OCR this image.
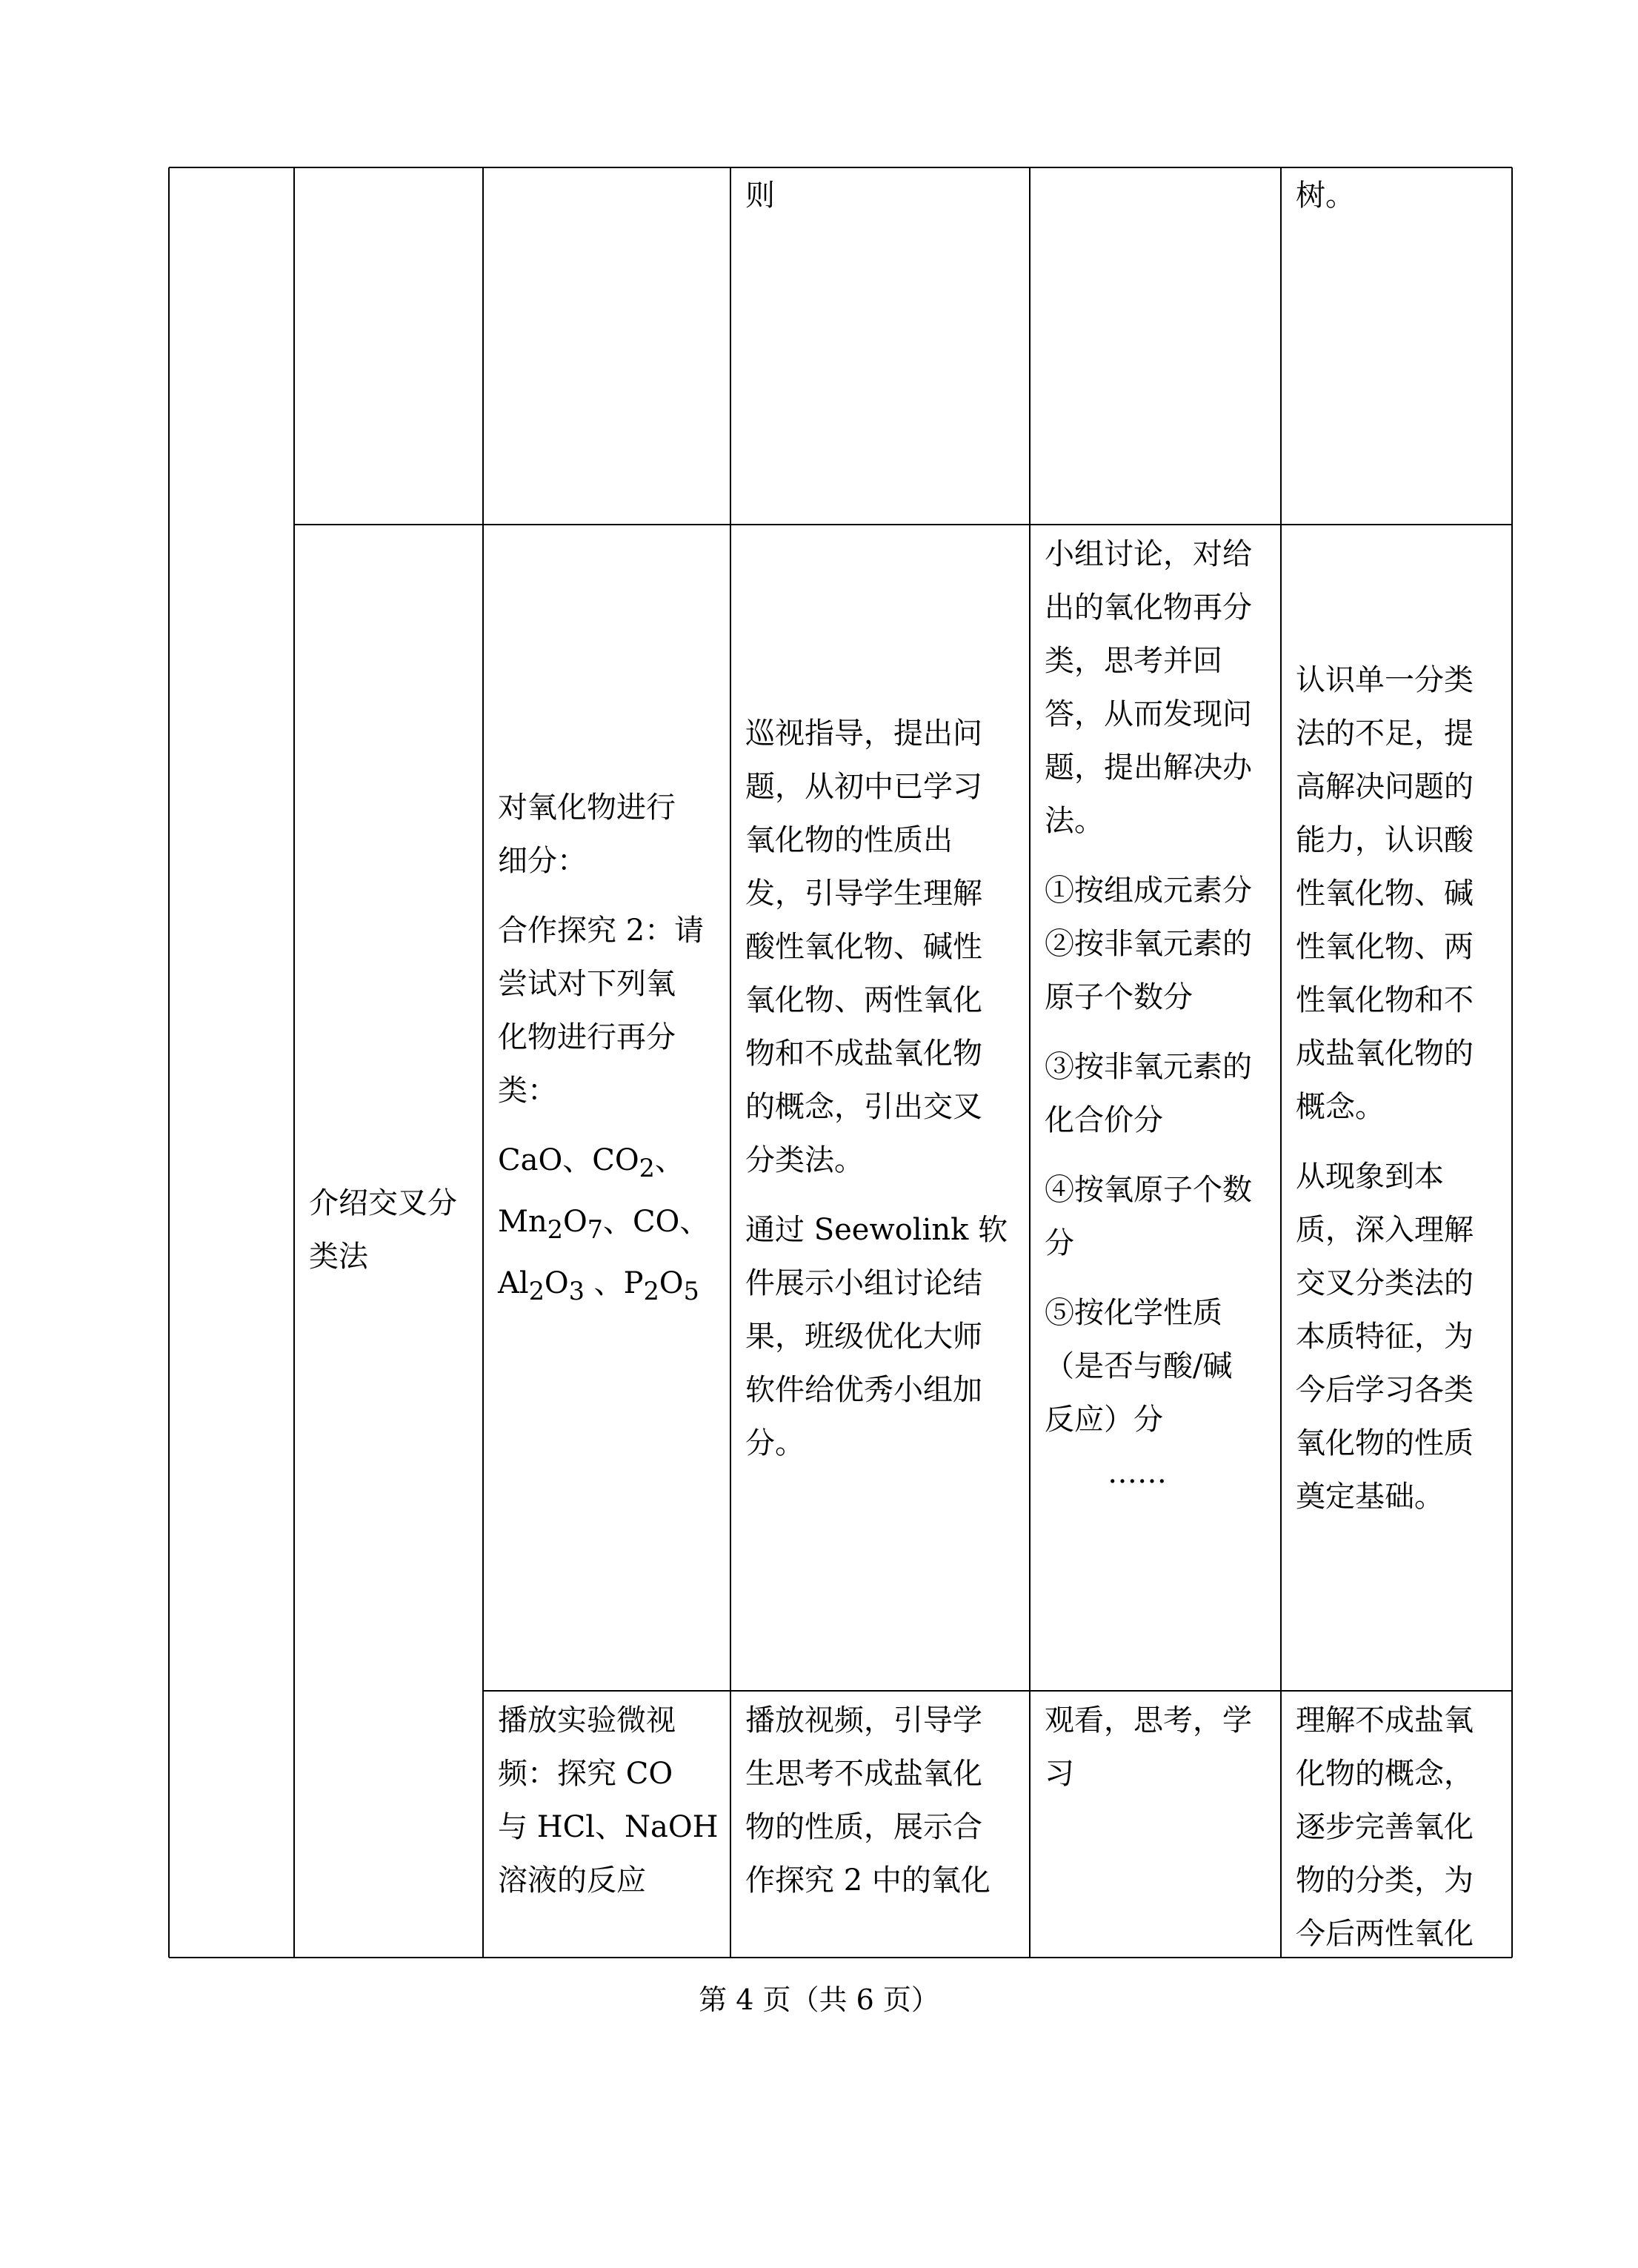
则	树。

介绍交叉分类法

对氧化物进行

细分：

合作探究 2：请

尝试对下列氧

化物进行再分

类：

CaO、$CO_2$、

$Mn_2O_7$、CO、

$Al_2O_3$ 、$P_2O_5$

巡视指导，提出问

题，从初中已学习

氧化物的性质出

发，引导学生理解

酸性氧化物、碱性

氧化物、两性氧化

物和不成盐氧化物

的概念，引出交叉

分类法。

通过 Seewolink 软

件展示小组讨论结

果，班级优化大师

软件给优秀小组加

分。

小组讨论，对给

出的氧化物再分

类，思考并回

答，从而发现问

题，提出解决办

法。

①按组成元素分

②按非氧元素的

原子个数分

③按非氧元素的

化合价分

④按氧原子个数

分

⑤按化学性质

（是否与酸/碱

反应）分

……

认识单一分类

法的不足，提

高解决问题的

能力，认识酸

性氧化物、碱

性氧化物、两

性氧化物和不

成盐氧化物的

概念。

从现象到本

质，深入理解

交叉分类法的

本质特征，为

今后学习各类

氧化物的性质

奠定基础。

播放实验微视

频：探究 CO

与 HCl、NaOH

溶液的反应

播放视频，引导学

生思考不成盐氧化

物的性质，展示合

作探究 2 中的氧化

观看，思考，学

习

理解不成盐氧

化物的概念，

逐步完善氧化

物的分类，为

今后两性氧化

第 4 页（共 6 页）
